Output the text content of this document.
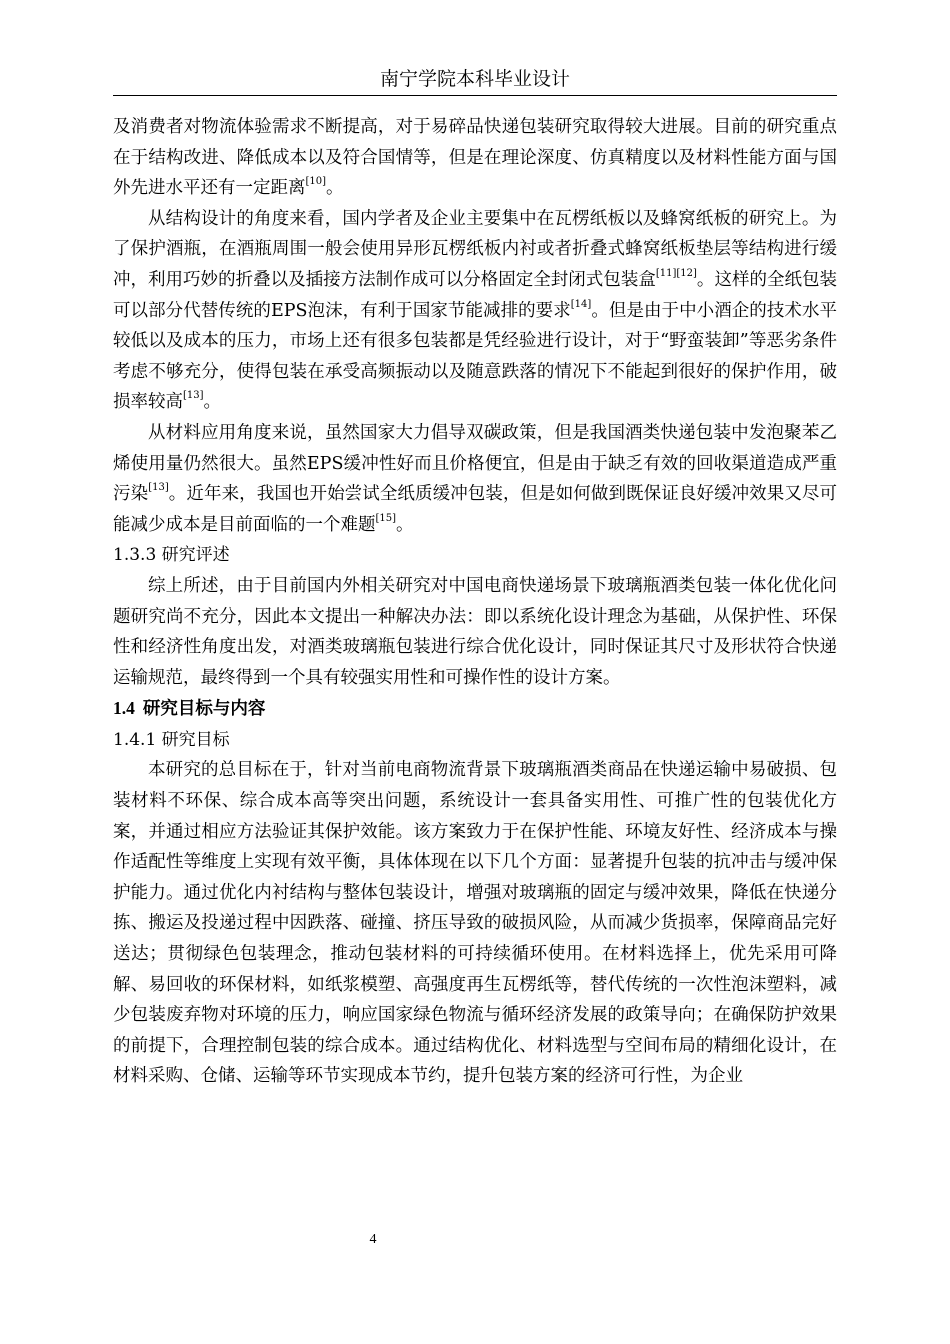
南宁学院本科毕业设计

及消费者对物流体验需求不断提高，对于易碎品快递包装研究取得较大进展。目前的研究重点在于结构改进、降低成本以及符合国情等，但是在理论深度、仿真精度以及材料性能方面与国外先进水平还有一定距离[10]。

从结构设计的角度来看，国内学者及企业主要集中在瓦楞纸板以及蜂窝纸板的研究上。为了保护酒瓶，在酒瓶周围一般会使用异形瓦楞纸板内衬或者折叠式蜂窝纸板垫层等结构进行缓冲，利用巧妙的折叠以及插接方法制作成可以分格固定全封闭式包装盒[11][12]。这样的全纸包装可以部分代替传统的EPS泡沫，有利于国家节能减排的要求[14]。但是由于中小酒企的技术水平较低以及成本的压力，市场上还有很多包装都是凭经验进行设计，对于“野蛮装卸”等恶劣条件考虑不够充分，使得包装在承受高频振动以及随意跌落的情况下不能起到很好的保护作用，破损率较高[13]。

从材料应用角度来说，虽然国家大力倡导双碳政策，但是我国酒类快递包装中发泡聚苯乙烯使用量仍然很大。虽然EPS缓冲性好而且价格便宜，但是由于缺乏有效的回收渠道造成严重污染[13]。近年来，我国也开始尝试全纸质缓冲包装，但是如何做到既保证良好缓冲效果又尽可能减少成本是目前面临的一个难题[15]。

1.3.3 研究评述

综上所述，由于目前国内外相关研究对中国电商快递场景下玻璃瓶酒类包装一体化优化问题研究尚不充分，因此本文提出一种解决办法：即以系统化设计理念为基础，从保护性、环保性和经济性角度出发，对酒类玻璃瓶包装进行综合优化设计，同时保证其尺寸及形状符合快递运输规范，最终得到一个具有较强实用性和可操作性的设计方案。

1.4 研究目标与内容

1.4.1 研究目标

本研究的总目标在于，针对当前电商物流背景下玻璃瓶酒类商品在快递运输中易破损、包装材料不环保、综合成本高等突出问题，系统设计一套具备实用性、可推广性的包装优化方案，并通过相应方法验证其保护效能。该方案致力于在保护性能、环境友好性、经济成本与操作适配性等维度上实现有效平衡，具体体现在以下几个方面：显著提升包装的抗冲击与缓冲保护能力。通过优化内衬结构与整体包装设计，增强对玻璃瓶的固定与缓冲效果，降低在快递分拣、搬运及投递过程中因跌落、碰撞、挤压导致的破损风险，从而减少货损率，保障商品完好送达；贯彻绿色包装理念，推动包装材料的可持续循环使用。在材料选择上，优先采用可降解、易回收的环保材料，如纸浆模塑、高强度再生瓦楞纸等，替代传统的一次性泡沫塑料，减少包装废弃物对环境的压力，响应国家绿色物流与循环经济发展的政策导向；在确保防护效果的前提下，合理控制包装的综合成本。通过结构优化、材料选型与空间布局的精细化设计，在材料采购、仓储、运输等环节实现成本节约，提升包装方案的经济可行性，为企业

4
